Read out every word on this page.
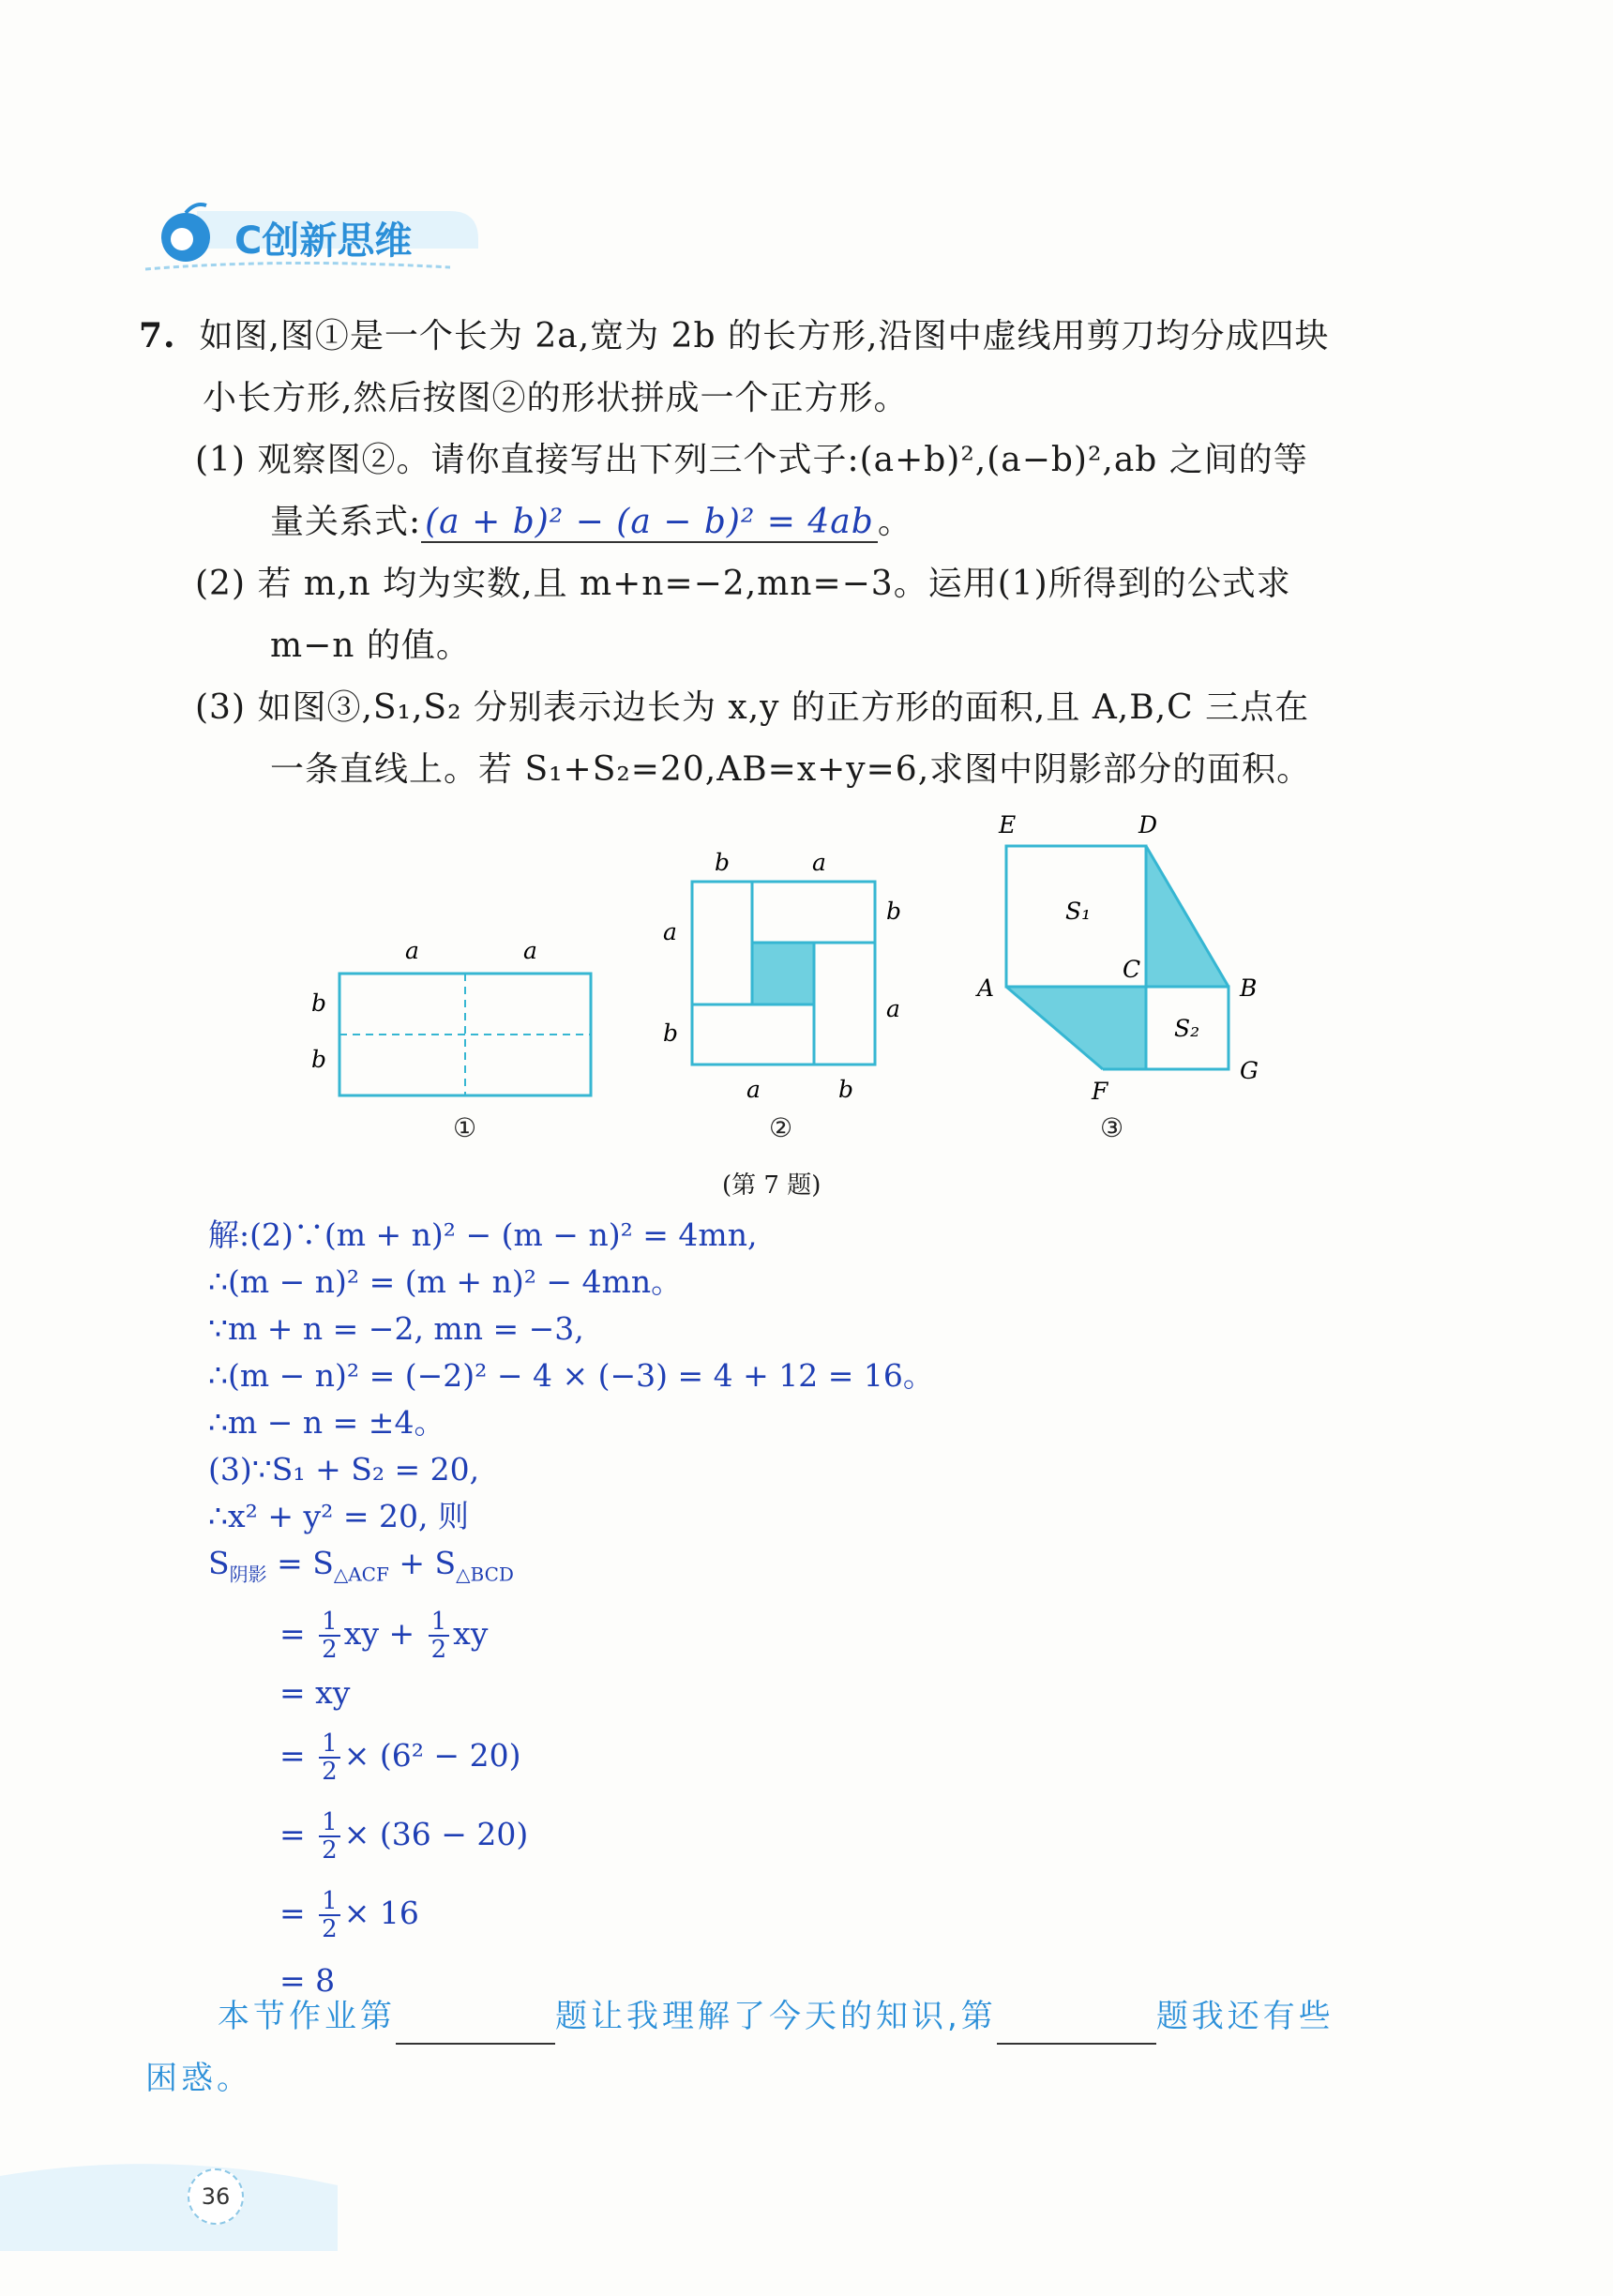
C创新思维
7. 如图,图①是一个长为 2a,宽为 2b 的长方形,沿图中虚线用剪刀均分成四块
小长方形,然后按图②的形状拼成一个正方形。
(1) 观察图②。请你直接写出下列三个式子:(a+b)²,(a−b)²,ab 之间的等
量关系式: (a + b)² − (a − b)² = 4ab 。
(2) 若 m,n 均为实数,且 m+n=−2,mn=−3。运用(1)所得到的公式求
m−n 的值。
(3) 如图③,S₁,S₂ 分别表示边长为 x,y 的正方形的面积,且 A,B,C 三点在
一条直线上。若 S₁+S₂=20,AB=x+y=6,求图中阴影部分的面积。
a	a
b
b
①
b	a
b
a
a
b
a	b
②
E	D
S₁
C
A	B
S₂
F
G
③
(第 7 题)
解:(2)∵(m + n)² − (m − n)² = 4mn,
∴(m − n)² = (m + n)² − 4mn。
∵m + n = −2, mn = −3,
∴(m − n)² = (−2)² − 4 × (−3) = 4 + 12 = 16。
∴m − n = ±4。
(3)∵S₁ + S₂ = 20,
∴x² + y² = 20, 则
$S_{阴影} = S_{\triangle ACF} + S_{\triangle BCD}$
= $\frac{1}{2}$ xy + $\frac{1}{2}$ xy
= xy
= $\frac{1}{2} \times (6^2 - 20)$
= $\frac{1}{2} \times (36 - 20)$
= $\frac{1}{2} \times 16$
= 8
本节作业第	题让我理解了今天的知识,第	题我还有些
困惑。
36
